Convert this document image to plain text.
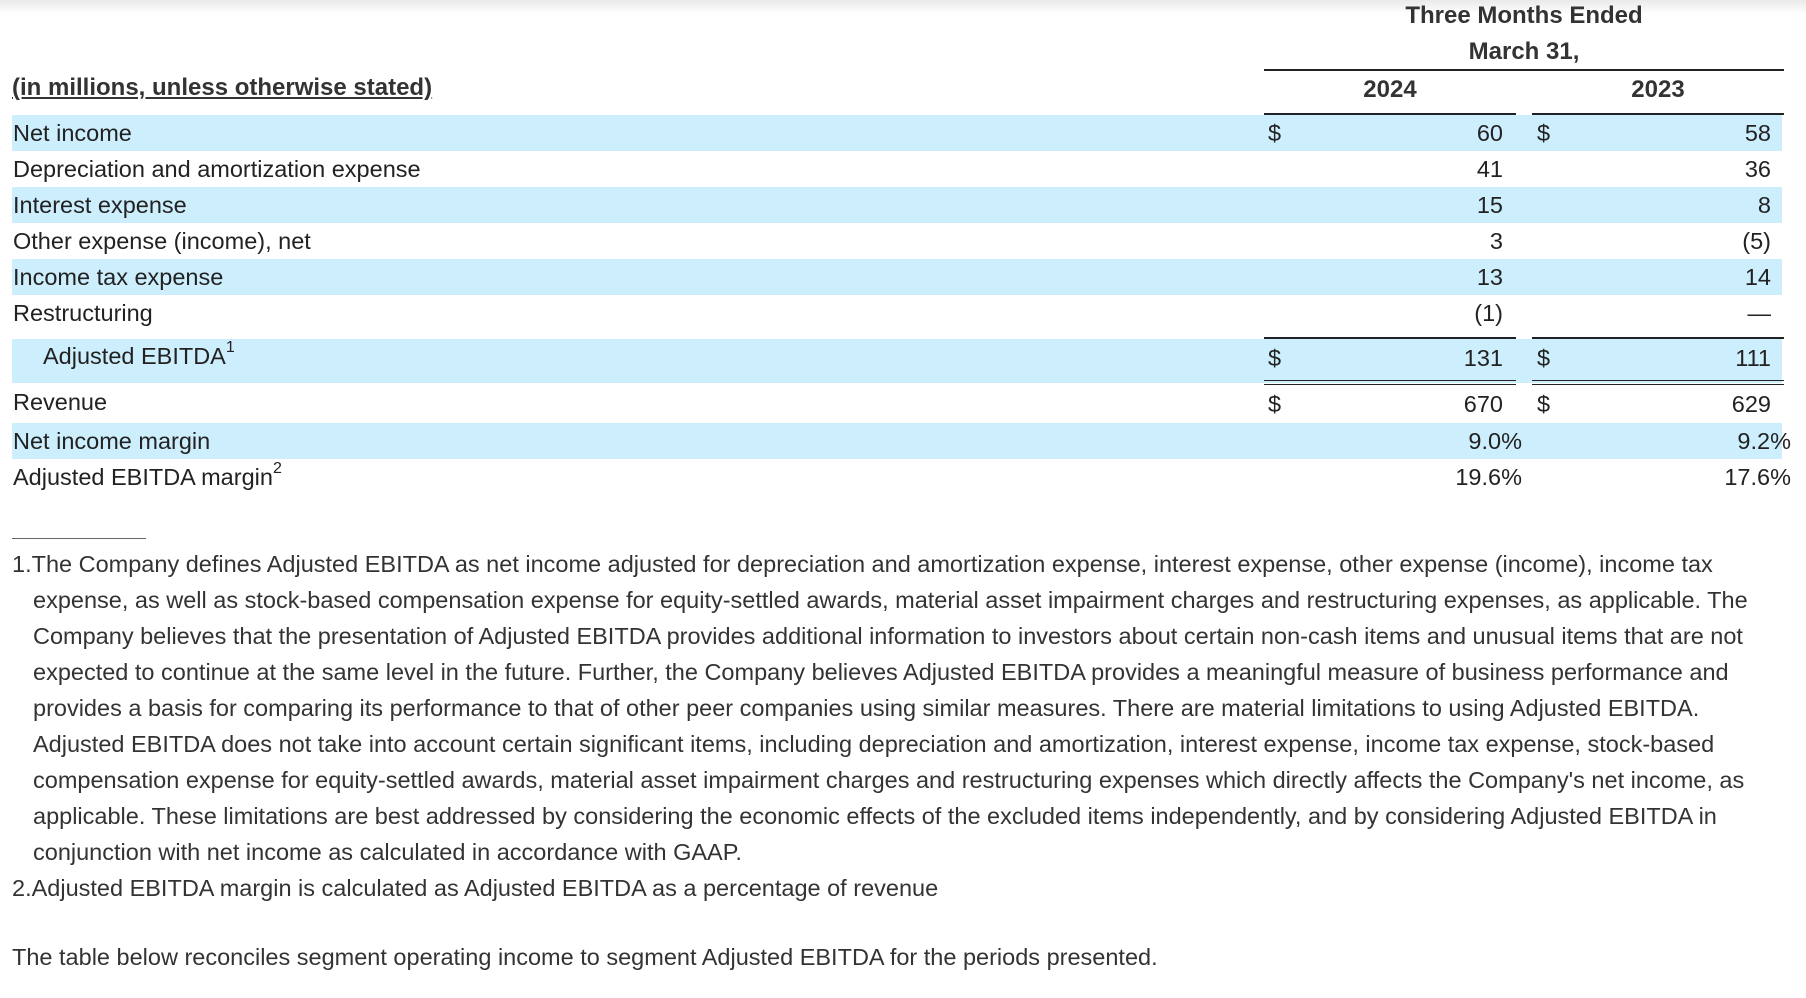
Three Months Ended
March 31,
(in millions, unless otherwise stated)	2024	2023
Net income	$	60 $	58
Depreciation and amortization expense	41	36
Interest expense	15	8
Other expense (income), net	3	(5)
Income tax expense	13	14
Restructuring	(1)	—
Adjusted EBITDA$^1$	$	131 $	111
Revenue	$	670 $	629
Net income margin	9.0%	9.2%
Adjusted EBITDA margin$^2$	19.6%	17.6%
1.The Company defines Adjusted EBITDA as net income adjusted for depreciation and amortization expense, interest expense, other expense (income), income tax expense, as well as stock-based compensation expense for equity-settled awards, material asset impairment charges and restructuring expenses, as applicable. The Company believes that the presentation of Adjusted EBITDA provides additional information to investors about certain non-cash items and unusual items that are not expected to continue at the same level in the future. Further, the Company believes Adjusted EBITDA provides a meaningful measure of business performance and provides a basis for comparing its performance to that of other peer companies using similar measures. There are material limitations to using Adjusted EBITDA. Adjusted EBITDA does not take into account certain significant items, including depreciation and amortization, interest expense, income tax expense, stock-based compensation expense for equity-settled awards, material asset impairment charges and restructuring expenses which directly affects the Company's net income, as applicable. These limitations are best addressed by considering the economic effects of the excluded items independently, and by considering Adjusted EBITDA in conjunction with net income as calculated in accordance with GAAP.
2.Adjusted EBITDA margin is calculated as Adjusted EBITDA as a percentage of revenue
The table below reconciles segment operating income to segment Adjusted EBITDA for the periods presented.
